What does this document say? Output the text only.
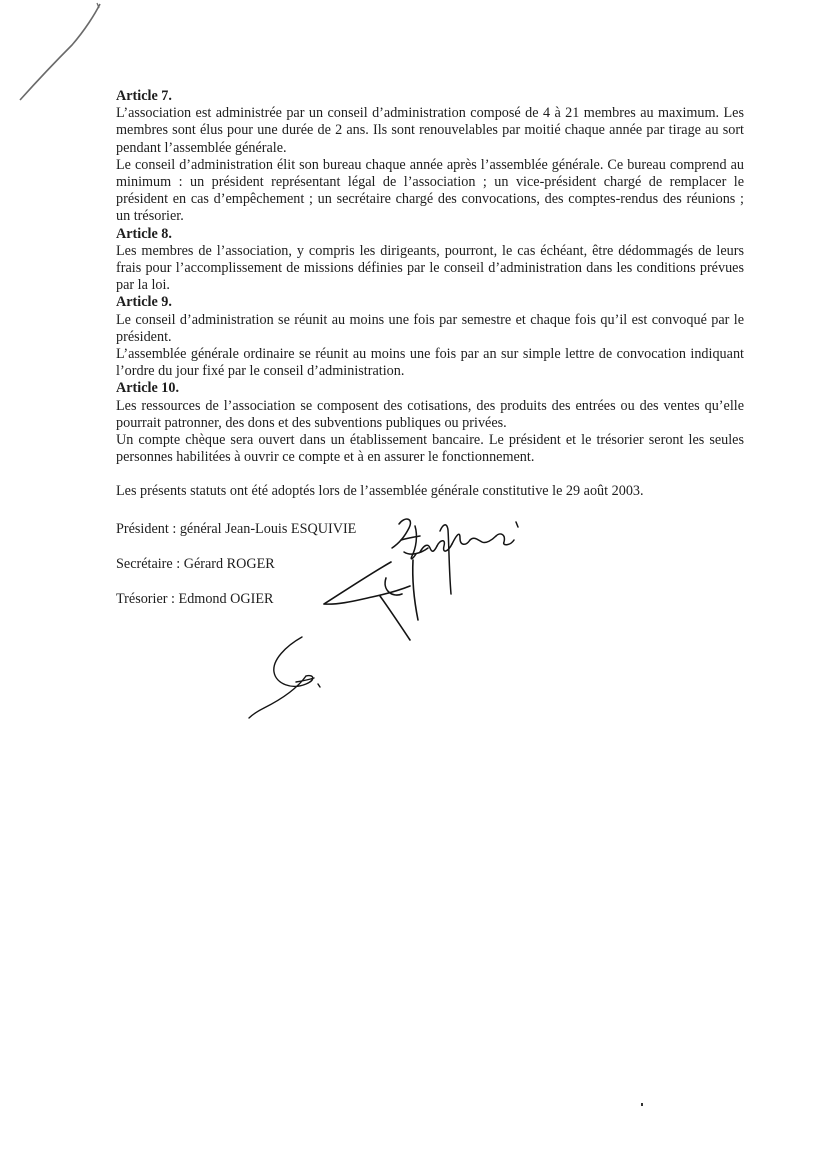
Article 7.

L’association est administrée par un conseil d’administration composé de 4 à 21 membres au maximum. Les membres sont élus pour une durée de 2 ans. Ils sont renouvelables par moitié chaque année par tirage au sort pendant l’assemblée générale.

Le conseil d’administration élit son bureau chaque année après l’assemblée générale. Ce bureau comprend au minimum : un président représentant légal de l’association ; un vice-président chargé de remplacer le président en cas d’empêchement ; un secrétaire chargé des convocations, des comptes-rendus des réunions ; un trésorier.

Article 8.

Les membres de l’association, y compris les dirigeants, pourront, le cas échéant, être dédommagés de leurs frais pour l’accomplissement de missions définies par le conseil d’administration dans les conditions prévues par la loi.

Article 9.

Le conseil d’administration se réunit au moins une fois par semestre et chaque fois qu’il est convoqué par le président.

L’assemblée générale ordinaire se réunit au moins une fois par an sur simple lettre de convocation indiquant l’ordre du jour fixé par le conseil d’administration.

Article 10.

Les ressources de l’association se composent des cotisations, des produits des entrées ou des ventes qu’elle pourrait patronner, des dons et des subventions publiques ou privées.

Un compte chèque sera ouvert dans un établissement bancaire. Le président et le trésorier seront les seules personnes habilitées à ouvrir ce compte et à en assurer le fonctionnement.

Les présents statuts ont été adoptés lors de l’assemblée générale constitutive le 29 août 2003.

Président : général Jean-Louis ESQUIVIE

Secrétaire : Gérard ROGER

Trésorier : Edmond OGIER
